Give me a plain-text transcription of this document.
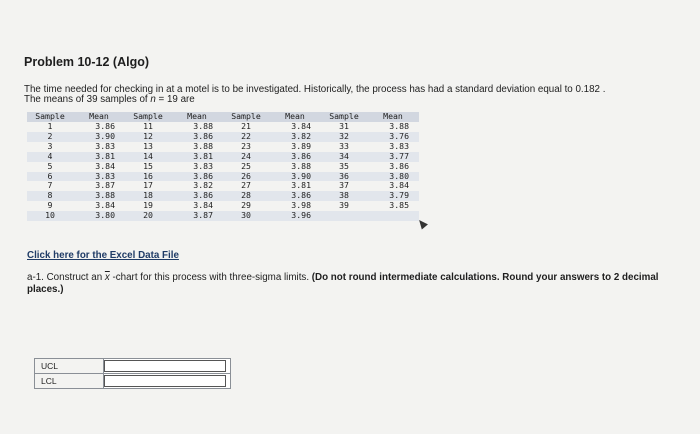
Problem 10-12 (Algo)
The time needed for checking in at a motel is to be investigated. Historically, the process has had a standard deviation equal to 0.182 .
The means of 39 samples of n = 19 are
Sample	Mean	Sample	Mean	Sample	Mean	Sample	Mean
1	3.86	11	3.88	21	3.84	31	3.88
2	3.90	12	3.86	22	3.82	32	3.76
3	3.83	13	3.88	23	3.89	33	3.83
4	3.81	14	3.81	24	3.86	34	3.77
5	3.84	15	3.83	25	3.88	35	3.86
6	3.83	16	3.86	26	3.90	36	3.80
7	3.87	17	3.82	27	3.81	37	3.84
8	3.88	18	3.86	28	3.86	38	3.79
9	3.84	19	3.84	29	3.98	39	3.85
10	3.80	20	3.87	30	3.96		
Click here for the Excel Data File
a-1. Construct an $\overline{x}$ -chart for this process with three-sigma limits. (Do not round intermediate calculations. Round your answers to 2 decimal places.)
UCL	
LCL	
